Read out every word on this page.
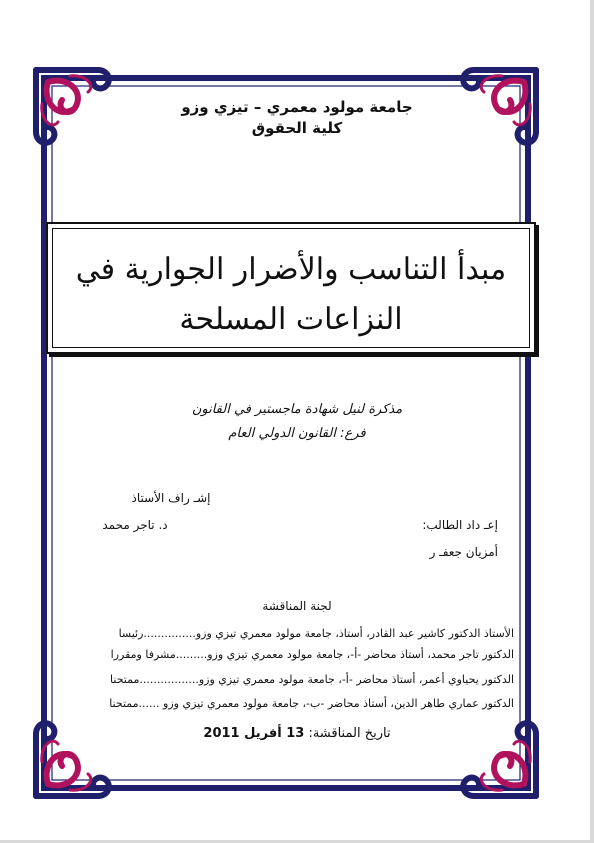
جامعة مولود معمري – تيزي وزو

كلية الحقوق

مبدأ التناسب والأضرار الجوارية في

النزاعات المسلحة

مذكرة لنيل شهادة ماجستير في القانون

فرع: القانون الدولي العام

إشـ راف الأستاذ

د. تاجر محمد	إعـ داد الطالب:

أمزيان جعفـ ر

لجنة المناقشة

الأستاذ الدكتور كاشير عبد القادر، أستاذ، جامعة مولود معمري تيزي وزو...............رئيسا

الدكتور تاجر محمد، أستاذ محاضر -أ-، جامعة مولود معمري تيزي وزو.........مشرفا ومقررا

الدكتور يحياوي أعمر، أستاذ محاضر -أ-، جامعة مولود معمري تيزي وزو.................ممتحنا

الدكتور عماري طاهر الدين، أستاذ محاضر -ب-، جامعة مولود معمري تيزي وزو ......ممتحنا

تاريخ المناقشة: 13 أفريل 2011
